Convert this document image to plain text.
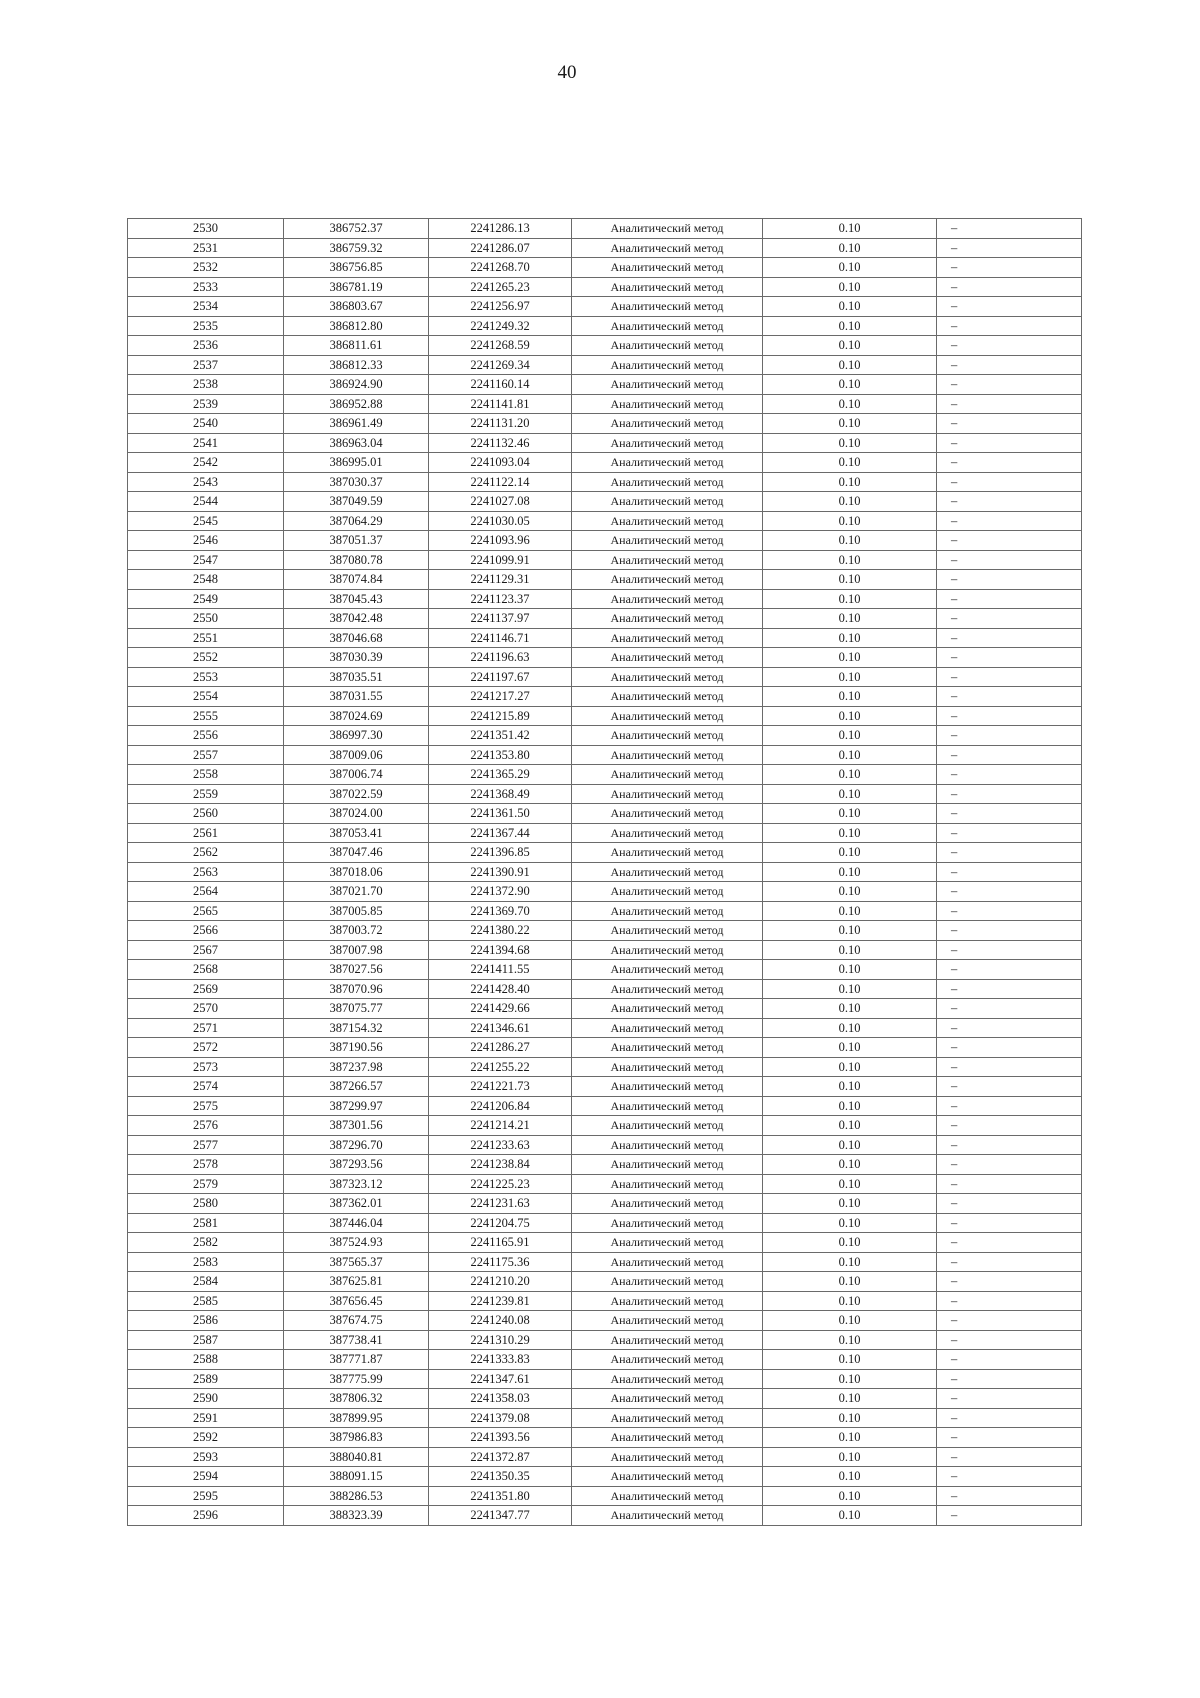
40
2530	386752.37	2241286.13	Аналитический метод	0.10	–
2531	386759.32	2241286.07	Аналитический метод	0.10	–
2532	386756.85	2241268.70	Аналитический метод	0.10	–
2533	386781.19	2241265.23	Аналитический метод	0.10	–
2534	386803.67	2241256.97	Аналитический метод	0.10	–
2535	386812.80	2241249.32	Аналитический метод	0.10	–
2536	386811.61	2241268.59	Аналитический метод	0.10	–
2537	386812.33	2241269.34	Аналитический метод	0.10	–
2538	386924.90	2241160.14	Аналитический метод	0.10	–
2539	386952.88	2241141.81	Аналитический метод	0.10	–
2540	386961.49	2241131.20	Аналитический метод	0.10	–
2541	386963.04	2241132.46	Аналитический метод	0.10	–
2542	386995.01	2241093.04	Аналитический метод	0.10	–
2543	387030.37	2241122.14	Аналитический метод	0.10	–
2544	387049.59	2241027.08	Аналитический метод	0.10	–
2545	387064.29	2241030.05	Аналитический метод	0.10	–
2546	387051.37	2241093.96	Аналитический метод	0.10	–
2547	387080.78	2241099.91	Аналитический метод	0.10	–
2548	387074.84	2241129.31	Аналитический метод	0.10	–
2549	387045.43	2241123.37	Аналитический метод	0.10	–
2550	387042.48	2241137.97	Аналитический метод	0.10	–
2551	387046.68	2241146.71	Аналитический метод	0.10	–
2552	387030.39	2241196.63	Аналитический метод	0.10	–
2553	387035.51	2241197.67	Аналитический метод	0.10	–
2554	387031.55	2241217.27	Аналитический метод	0.10	–
2555	387024.69	2241215.89	Аналитический метод	0.10	–
2556	386997.30	2241351.42	Аналитический метод	0.10	–
2557	387009.06	2241353.80	Аналитический метод	0.10	–
2558	387006.74	2241365.29	Аналитический метод	0.10	–
2559	387022.59	2241368.49	Аналитический метод	0.10	–
2560	387024.00	2241361.50	Аналитический метод	0.10	–
2561	387053.41	2241367.44	Аналитический метод	0.10	–
2562	387047.46	2241396.85	Аналитический метод	0.10	–
2563	387018.06	2241390.91	Аналитический метод	0.10	–
2564	387021.70	2241372.90	Аналитический метод	0.10	–
2565	387005.85	2241369.70	Аналитический метод	0.10	–
2566	387003.72	2241380.22	Аналитический метод	0.10	–
2567	387007.98	2241394.68	Аналитический метод	0.10	–
2568	387027.56	2241411.55	Аналитический метод	0.10	–
2569	387070.96	2241428.40	Аналитический метод	0.10	–
2570	387075.77	2241429.66	Аналитический метод	0.10	–
2571	387154.32	2241346.61	Аналитический метод	0.10	–
2572	387190.56	2241286.27	Аналитический метод	0.10	–
2573	387237.98	2241255.22	Аналитический метод	0.10	–
2574	387266.57	2241221.73	Аналитический метод	0.10	–
2575	387299.97	2241206.84	Аналитический метод	0.10	–
2576	387301.56	2241214.21	Аналитический метод	0.10	–
2577	387296.70	2241233.63	Аналитический метод	0.10	–
2578	387293.56	2241238.84	Аналитический метод	0.10	–
2579	387323.12	2241225.23	Аналитический метод	0.10	–
2580	387362.01	2241231.63	Аналитический метод	0.10	–
2581	387446.04	2241204.75	Аналитический метод	0.10	–
2582	387524.93	2241165.91	Аналитический метод	0.10	–
2583	387565.37	2241175.36	Аналитический метод	0.10	–
2584	387625.81	2241210.20	Аналитический метод	0.10	–
2585	387656.45	2241239.81	Аналитический метод	0.10	–
2586	387674.75	2241240.08	Аналитический метод	0.10	–
2587	387738.41	2241310.29	Аналитический метод	0.10	–
2588	387771.87	2241333.83	Аналитический метод	0.10	–
2589	387775.99	2241347.61	Аналитический метод	0.10	–
2590	387806.32	2241358.03	Аналитический метод	0.10	–
2591	387899.95	2241379.08	Аналитический метод	0.10	–
2592	387986.83	2241393.56	Аналитический метод	0.10	–
2593	388040.81	2241372.87	Аналитический метод	0.10	–
2594	388091.15	2241350.35	Аналитический метод	0.10	–
2595	388286.53	2241351.80	Аналитический метод	0.10	–
2596	388323.39	2241347.77	Аналитический метод	0.10	–
